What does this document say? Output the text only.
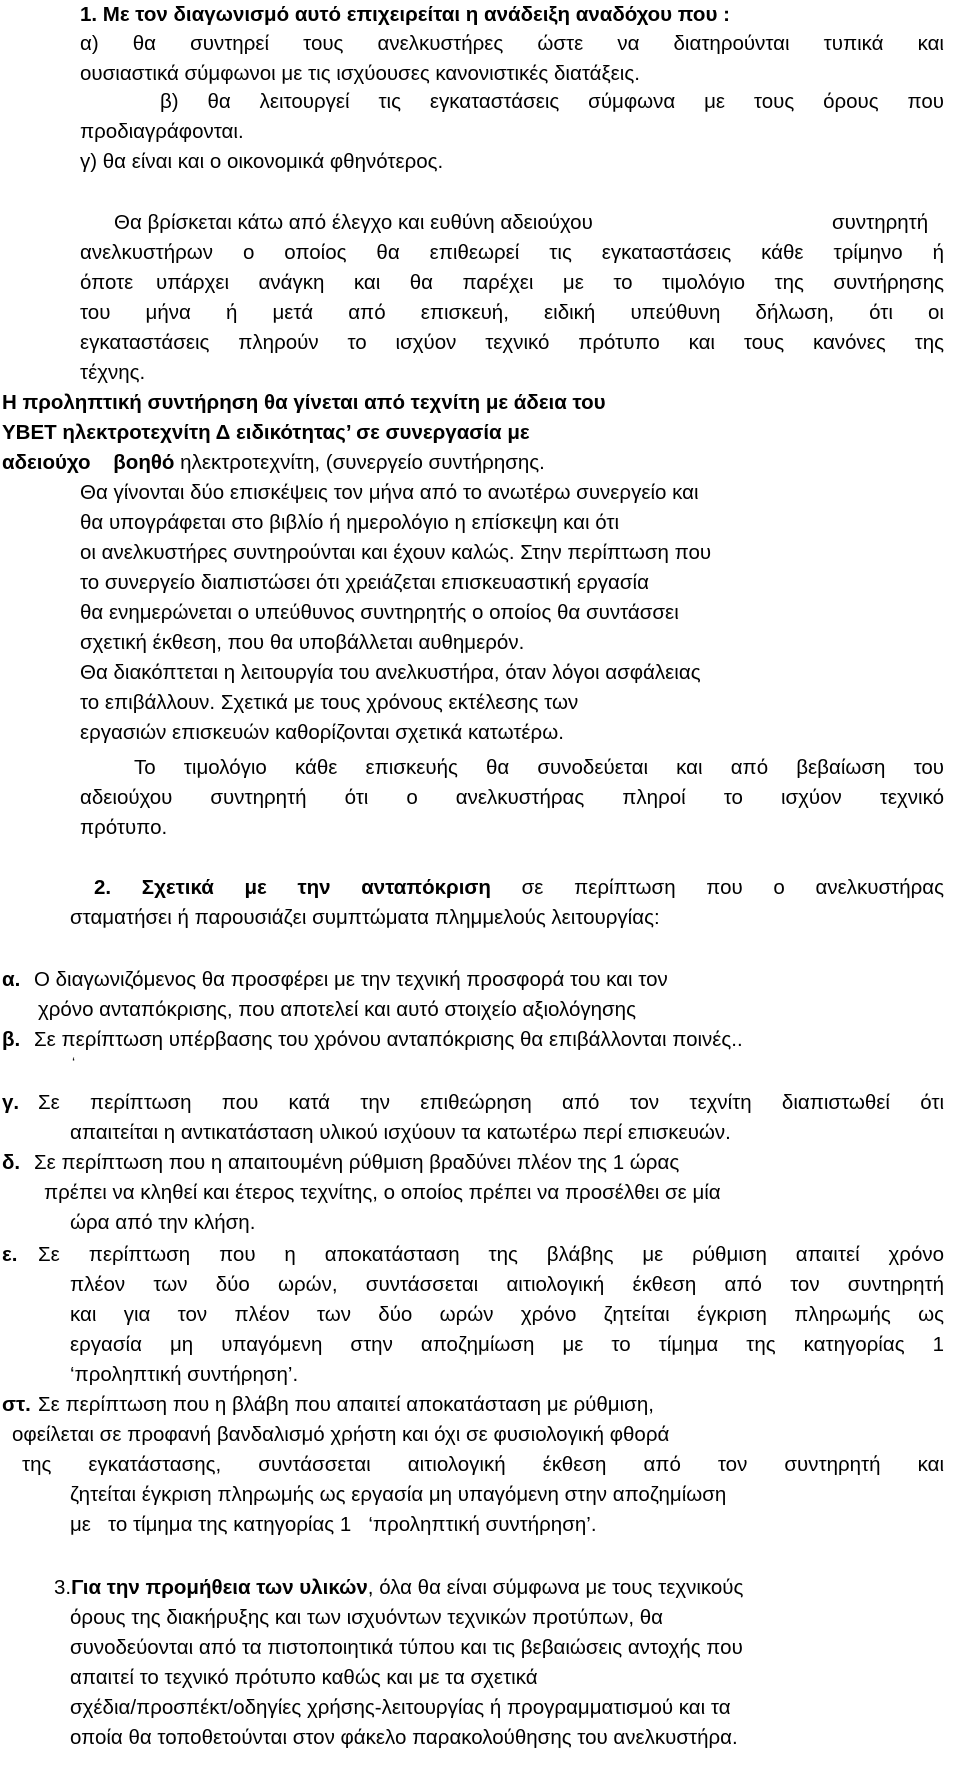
1. Με τον διαγωνισμό αυτό επιχειρείται η ανάδειξη αναδόχου που :
α) θα συντηρεί τους ανελκυστήρες ώστε να διατηρούνται τυπικά και
ουσιαστικά σύμφωνοι με τις ισχύουσες κανονιστικές διατάξεις.
β) θα λειτουργεί τις εγκαταστάσεις σύμφωνα με τους όρους που
προδιαγράφονται.
γ) θα είναι και ο οικονομικά φθηνότερος.
Θα βρίσκεται κάτω από έλεγχο και ευθύνη αδειούχου	συντηρητή
ανελκυστήρων ο οποίος θα επιθεωρεί τις εγκαταστάσεις κάθε τρίμηνο ή
όποτε υπάρχει ανάγκη και θα παρέχει με το τιμολόγιο της συντήρησης
του μήνα ή μετά από επισκευή, ειδική υπεύθυνη δήλωση, ότι οι
εγκαταστάσεις πληρούν το ισχύον τεχνικό πρότυπο και τους κανόνες της
τέχνης.
Η προληπτική συντήρηση θα γίνεται από τεχνίτη με άδεια του
ΥΒΕΤ ηλεκτροτεχνίτη Δ ειδικότητας’ σε συνεργασία με
αδειούχο βοηθό ηλεκτροτεχνίτη, (συνεργείο συντήρησης.
Θα γίνονται δύο επισκέψεις τον μήνα από το ανωτέρω συνεργείο και
θα υπογράφεται στο βιβλίο ή ημερολόγιο η επίσκεψη και ότι
οι ανελκυστήρες συντηρούνται και έχουν καλώς. Στην περίπτωση που
το συνεργείο διαπιστώσει ότι χρειάζεται επισκευαστική εργασία
θα ενημερώνεται ο υπεύθυνος συντηρητής ο οποίος θα συντάσσει
σχετική έκθεση, που θα υποβάλλεται αυθημερόν.
Θα διακόπτεται η λειτουργία του ανελκυστήρα, όταν λόγοι ασφάλειας
το επιβάλλουν. Σχετικά με τους χρόνους εκτέλεσης των
εργασιών επισκευών καθορίζονται σχετικά κατωτέρω.
Το τιμολόγιο κάθε επισκευής θα συνοδεύεται και από βεβαίωση του
αδειούχου συντηρητή ότι ο ανελκυστήρας πληροί το ισχύον τεχνικό
πρότυπο.
2. Σχετικά με την ανταπόκριση σε περίπτωση που ο ανελκυστήρας
σταματήσει ή παρουσιάζει συμπτώματα πλημμελούς λειτουργίας:
α. Ο διαγωνιζόμενος θα προσφέρει με την τεχνική προσφορά του και τον
χρόνο ανταπόκρισης, που αποτελεί και αυτό στοιχείο αξιολόγησης
β. Σε περίπτωση υπέρβασης του χρόνου ανταπόκρισης θα επιβάλλονται ποινές..
‘
γ. Σε περίπτωση που κατά την επιθεώρηση από τον τεχνίτη διαπιστωθεί ότι
απαιτείται η αντικατάσταση υλικού ισχύουν τα κατωτέρω περί επισκευών.
δ. Σε περίπτωση που η απαιτουμένη ρύθμιση βραδύνει πλέον της 1 ώρας
πρέπει να κληθεί και έτερος τεχνίτης, ο οποίος πρέπει να προσέλθει σε μία
ώρα από την κλήση.
ε. Σε περίπτωση που η αποκατάσταση της βλάβης με ρύθμιση απαιτεί χρόνο
πλέον των δύο ωρών, συντάσσεται αιτιολογική έκθεση από τον συντηρητή
και για τον πλέον των δύο ωρών χρόνο ζητείται έγκριση πληρωμής ως
εργασία μη υπαγόμενη στην αποζημίωση με το τίμημα της κατηγορίας 1
‘προληπτική συντήρηση’.
στ. Σε περίπτωση που η βλάβη που απαιτεί αποκατάσταση με ρύθμιση,
οφείλεται σε προφανή βανδαλισμό χρήστη και όχι σε φυσιολογική φθορά
της εγκατάστασης, συντάσσεται αιτιολογική έκθεση από τον συντηρητή και
ζητείται έγκριση πληρωμής ως εργασία μη υπαγόμενη στην αποζημίωση
με   το τίμημα της κατηγορίας 1   ‘προληπτική συντήρηση’.
3.Για την προμήθεια των υλικών, όλα θα είναι σύμφωνα με τους τεχνικούς
όρους της διακήρυξης και των ισχυόντων τεχνικών προτύπων, θα
συνοδεύονται από τα πιστοποιητικά τύπου και τις βεβαιώσεις αντοχής που
απαιτεί το τεχνικό πρότυπο καθώς και με τα σχετικά
σχέδια/προσπέκτ/οδηγίες χρήσης-λειτουργίας ή προγραμματισμού και τα
οποία θα τοποθετούνται στον φάκελο παρακολούθησης του ανελκυστήρα.
